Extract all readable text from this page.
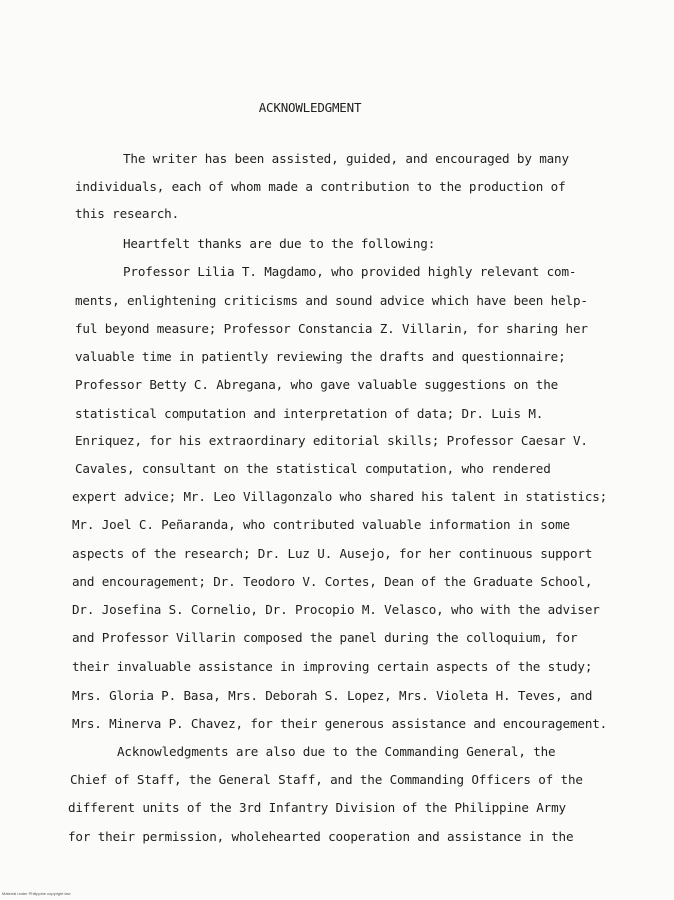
ACKNOWLEDGMENT
The writer has been assisted, guided, and encouraged by many
individuals, each of whom made a contribution to the production of
this research.
Heartfelt thanks are due to the following:
Professor Lilia T. Magdamo, who provided highly relevant com-
ments, enlightening criticisms and sound advice which have been help-
ful beyond measure; Professor Constancia Z. Villarin, for sharing her
valuable time in patiently reviewing the drafts and questionnaire;
Professor Betty C. Abregana, who gave valuable suggestions on the
statistical computation and interpretation of data; Dr. Luis M.
Enriquez, for his extraordinary editorial skills; Professor Caesar V.
Cavales, consultant on the statistical computation, who rendered
expert advice; Mr. Leo Villagonzalo who shared his talent in statistics;
Mr. Joel C. Peñaranda, who contributed valuable information in some
aspects of the research; Dr. Luz U. Ausejo, for her continuous support
and encouragement; Dr. Teodoro V. Cortes, Dean of the Graduate School,
Dr. Josefina S. Cornelio, Dr. Procopio M. Velasco, who with the adviser
and Professor Villarin composed the panel during the colloquium, for
their invaluable assistance in improving certain aspects of the study;
Mrs. Gloria P. Basa, Mrs. Deborah S. Lopez, Mrs. Violeta H. Teves, and
Mrs. Minerva P. Chavez, for their generous assistance and encouragement.
Acknowledgments are also due to the Commanding General, the
Chief of Staff, the General Staff, and the Commanding Officers of the
different units of the 3rd Infantry Division of the Philippine Army
for their permission, wholehearted cooperation and assistance in the
Material under Philippine copyright law
